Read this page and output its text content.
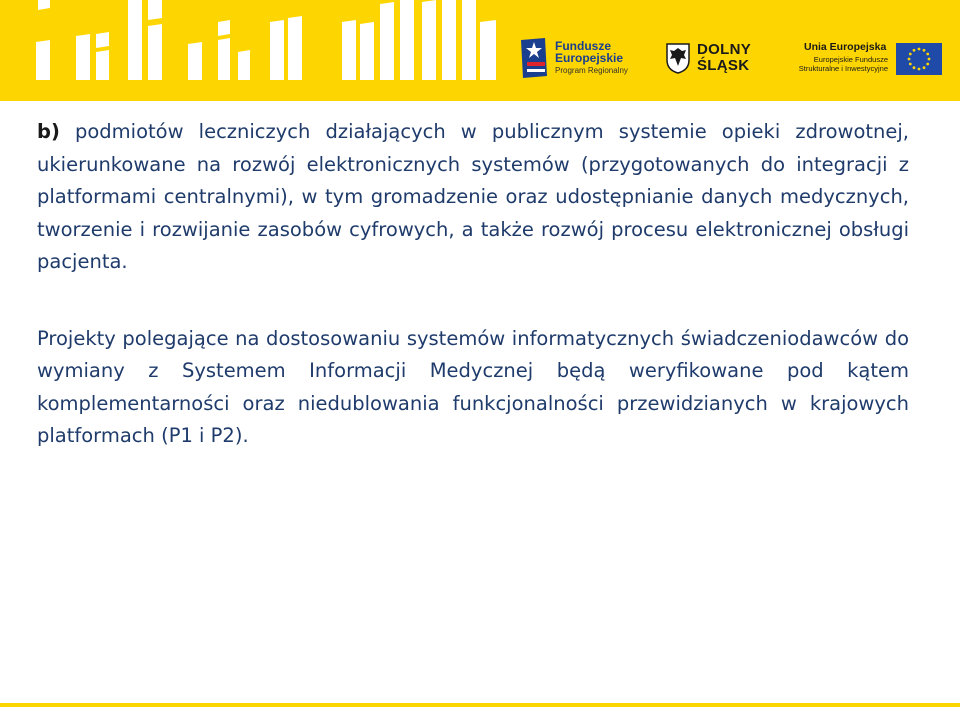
Fundusze
Europejskie
Program Regionalny
DOLNY
ŚLĄSK
Unia Europejska
Europejskie Fundusze
Strukturalne i Inwestycyjne

b) podmiotów leczniczych działających w publicznym systemie opieki zdrowotnej, ukierunkowane na rozwój elektronicznych systemów (przygotowanych do integracji z platformami centralnymi), w tym gromadzenie oraz udostępnianie danych medycznych, tworzenie i rozwijanie zasobów cyfrowych, a także rozwój procesu elektronicznej obsługi pacjenta.

Projekty polegające na dostosowaniu systemów informatycznych świadczeniodawców do wymiany z Systemem Informacji Medycznej będą weryfikowane pod kątem komplementarności oraz niedublowania funkcjonalności przewidzianych w krajowych platformach (P1 i P2).
